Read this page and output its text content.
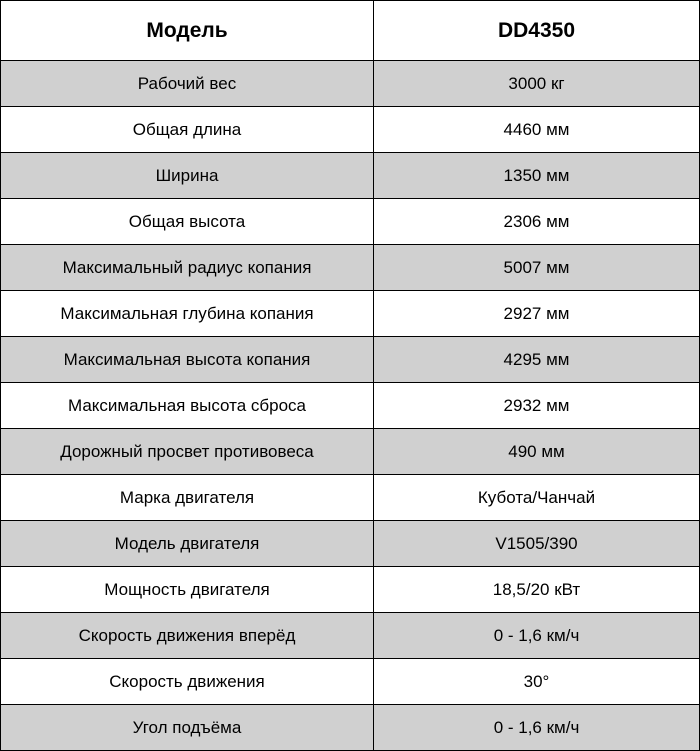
Модель	DD4350
Рабочий вес	3000 кг
Общая длина	4460 мм
Ширина	1350 мм
Общая высота	2306 мм
Максимальный радиус копания	5007 мм
Максимальная глубина копания	2927 мм
Максимальная высота копания	4295 мм
Максимальная высота сброса	2932 мм
Дорожный просвет противовеса	490 мм
Марка двигателя	Кубота/Чанчай
Модель двигателя	V1505/390
Мощность двигателя	18,5/20 кВт
Скорость движения вперёд	0 - 1,6 км/ч
Скорость движения	30°
Угол подъёма	0 - 1,6 км/ч
